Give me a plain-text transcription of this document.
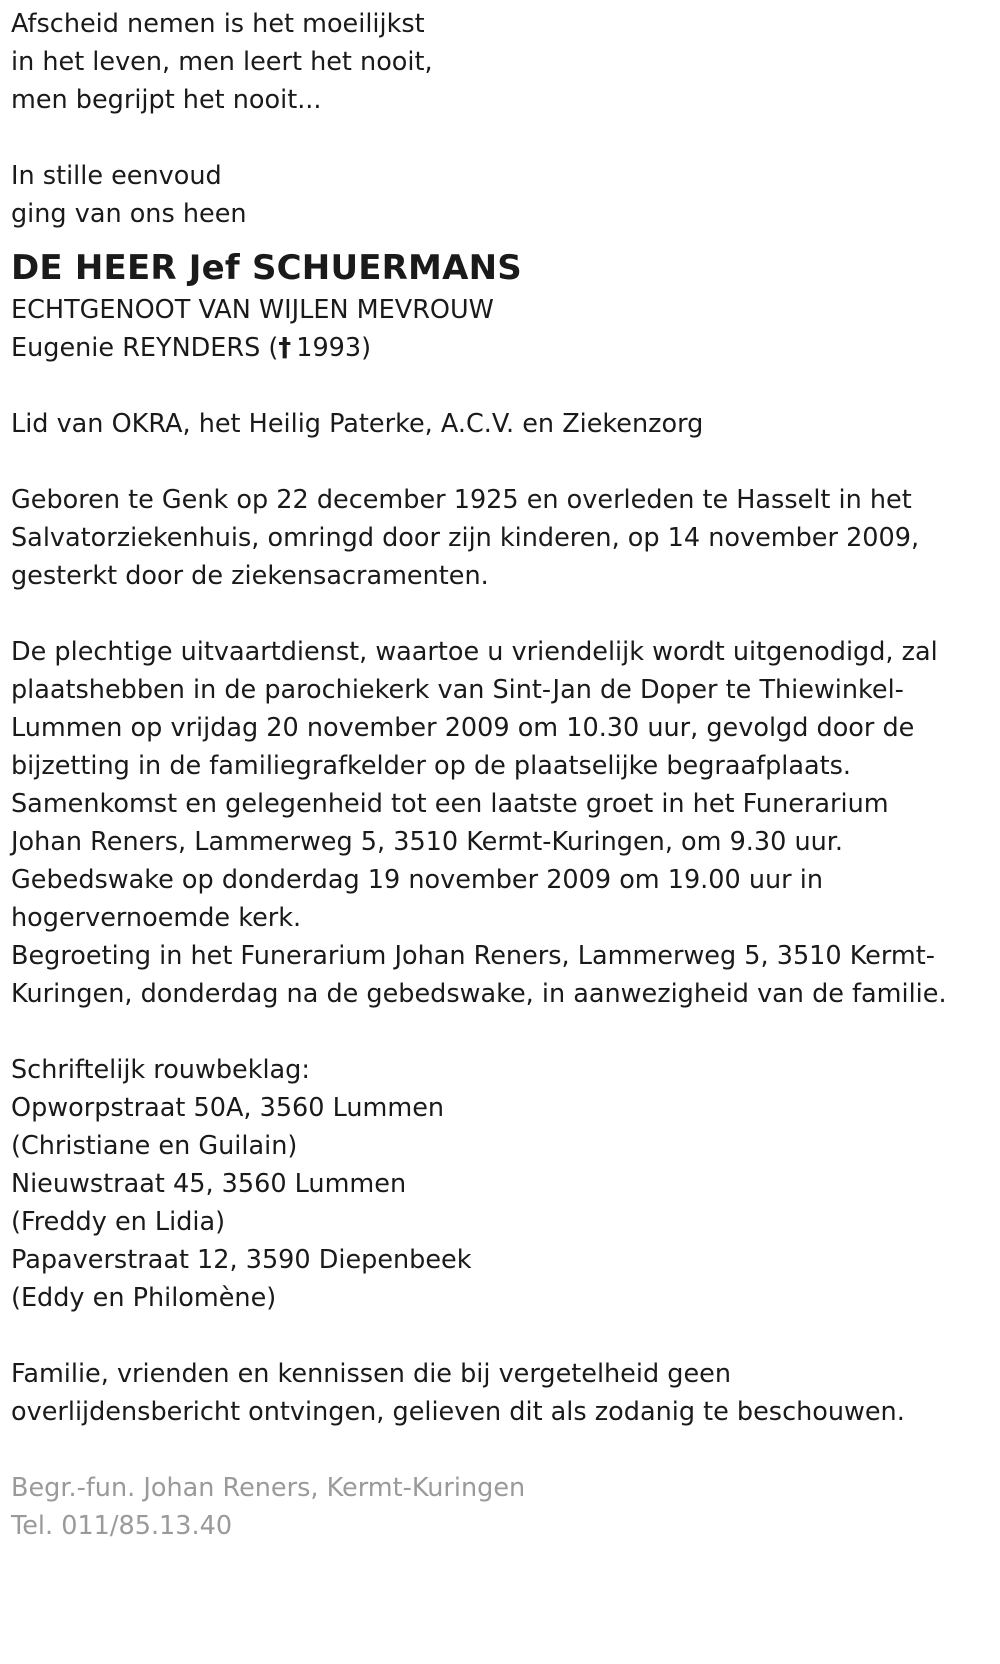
Afscheid nemen is het moeilijkst
in het leven, men leert het nooit,
men begrijpt het nooit...
In stille eenvoud
ging van ons heen
DE HEER Jef SCHUERMANS
ECHTGENOOT VAN WIJLEN MEVROUW
Eugenie REYNDERS (†  1993)
Lid van OKRA, het Heilig Paterke, A.C.V. en Ziekenzorg
Geboren te Genk op 22 december 1925 en overleden te Hasselt in het
Salvatorziekenhuis, omringd door zijn kinderen, op 14 november 2009,
gesterkt door de ziekensacramenten.
De plechtige uitvaartdienst, waartoe u vriendelijk wordt uitgenodigd, zal
plaatshebben in de parochiekerk van Sint-Jan de Doper te Thiewinkel-
Lummen op vrijdag 20 november 2009 om 10.30 uur, gevolgd door de
bijzetting in de familiegrafkelder op de plaatselijke begraafplaats.
Samenkomst en gelegenheid tot een laatste groet in het Funerarium
Johan Reners, Lammerweg 5, 3510 Kermt-Kuringen, om 9.30 uur.
Gebedswake op donderdag 19 november 2009 om 19.00 uur in
hogervernoemde kerk.
Begroeting in het Funerarium Johan Reners, Lammerweg 5, 3510 Kermt-
Kuringen, donderdag na de gebedswake, in aanwezigheid van de familie.
Schriftelijk rouwbeklag:
Opworpstraat 50A, 3560 Lummen
(Christiane en Guilain)
Nieuwstraat 45, 3560 Lummen
(Freddy en Lidia)
Papaverstraat 12, 3590 Diepenbeek
(Eddy en Philomène)
Familie, vrienden en kennissen die bij vergetelheid geen
overlijdensbericht ontvingen, gelieven dit als zodanig te beschouwen.
Begr.-fun. Johan Reners, Kermt-Kuringen
Tel. 011/85.13.40
